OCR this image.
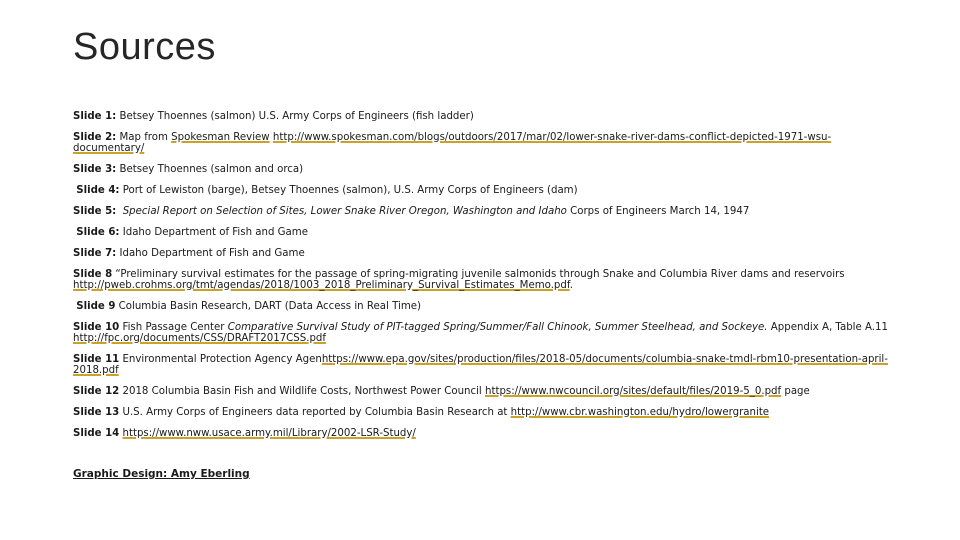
Sources
Slide 1: Betsey Thoennes (salmon) U.S. Army Corps of Engineers (fish ladder)
Slide 2: Map from Spokesman Review http://www.spokesman.com/blogs/outdoors/2017/mar/02/lower-snake-river-dams-conflict-depicted-1971-wsu-documentary/
Slide 3: Betsey Thoennes (salmon and orca)
Slide 4: Port of Lewiston (barge), Betsey Thoennes (salmon), U.S. Army Corps of Engineers (dam)
Slide 5: Special Report on Selection of Sites, Lower Snake River Oregon, Washington and Idaho Corps of Engineers March 14, 1947
Slide 6: Idaho Department of Fish and Game
Slide 7: Idaho Department of Fish and Game
Slide 8 “Preliminary survival estimates for the passage of spring-migrating juvenile salmonids through Snake and Columbia River dams and reservoirs http://pweb.crohms.org/tmt/agendas/2018/1003_2018_Preliminary_Survival_Estimates_Memo.pdf.
Slide 9 Columbia Basin Research, DART (Data Access in Real Time)
Slide 10 Fish Passage Center Comparative Survival Study of PIT-tagged Spring/Summer/Fall Chinook, Summer Steelhead, and Sockeye. Appendix A, Table A.11 http://fpc.org/documents/CSS/DRAFT2017CSS.pdf
Slide 11 Environmental Protection Agency Agenhttps://www.epa.gov/sites/production/files/2018-05/documents/columbia-snake-tmdl-rbm10-presentation-april-2018.pdf
Slide 12 2018 Columbia Basin Fish and Wildlife Costs, Northwest Power Council https://www.nwcouncil.org/sites/default/files/2019-5_0.pdf page
Slide 13 U.S. Army Corps of Engineers data reported by Columbia Basin Research at http://www.cbr.washington.edu/hydro/lowergranite
Slide 14 https://www.nww.usace.army.mil/Library/2002-LSR-Study/
Graphic Design: Amy Eberling
